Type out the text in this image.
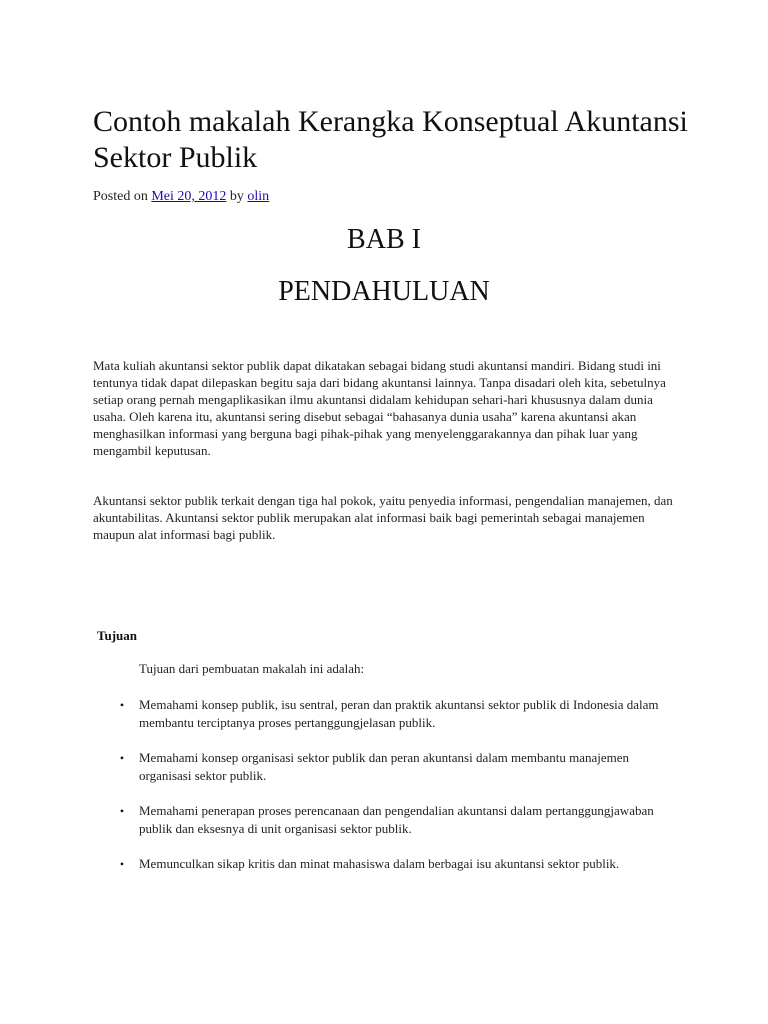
Contoh makalah Kerangka Konseptual Akuntansi Sektor Publik
Posted on Mei 20, 2012 by olin
BAB I
PENDAHULUAN

Mata kuliah akuntansi sektor publik dapat dikatakan sebagai bidang studi akuntansi mandiri. Bidang studi ini tentunya tidak dapat dilepaskan begitu saja dari bidang akuntansi lainnya. Tanpa disadari oleh kita, sebetulnya setiap orang pernah mengaplikasikan ilmu akuntansi didalam kehidupan sehari-hari khususnya dalam dunia usaha. Oleh karena itu, akuntansi sering disebut sebagai “bahasanya dunia usaha” karena akuntansi akan menghasilkan informasi yang berguna bagi pihak-pihak yang menyelenggarakannya dan pihak luar yang mengambil keputusan.

Akuntansi sektor publik terkait dengan tiga hal pokok, yaitu penyedia informasi, pengendalian manajemen, dan akuntabilitas. Akuntansi sektor publik merupakan alat informasi baik bagi pemerintah sebagai manajemen maupun alat informasi bagi publik.

Tujuan

Tujuan dari pembuatan makalah ini adalah:

•	Memahami konsep publik, isu sentral, peran dan praktik akuntansi sektor publik di Indonesia dalam membantu terciptanya proses pertanggungjelasan publik.
•	Memahami konsep organisasi sektor publik dan peran akuntansi dalam membantu manajemen organisasi sektor publik.
•	Memahami penerapan proses perencanaan dan pengendalian akuntansi dalam pertanggungjawaban publik dan eksesnya di unit organisasi sektor publik.
•	Memunculkan sikap kritis dan minat mahasiswa dalam berbagai isu akuntansi sektor publik.
